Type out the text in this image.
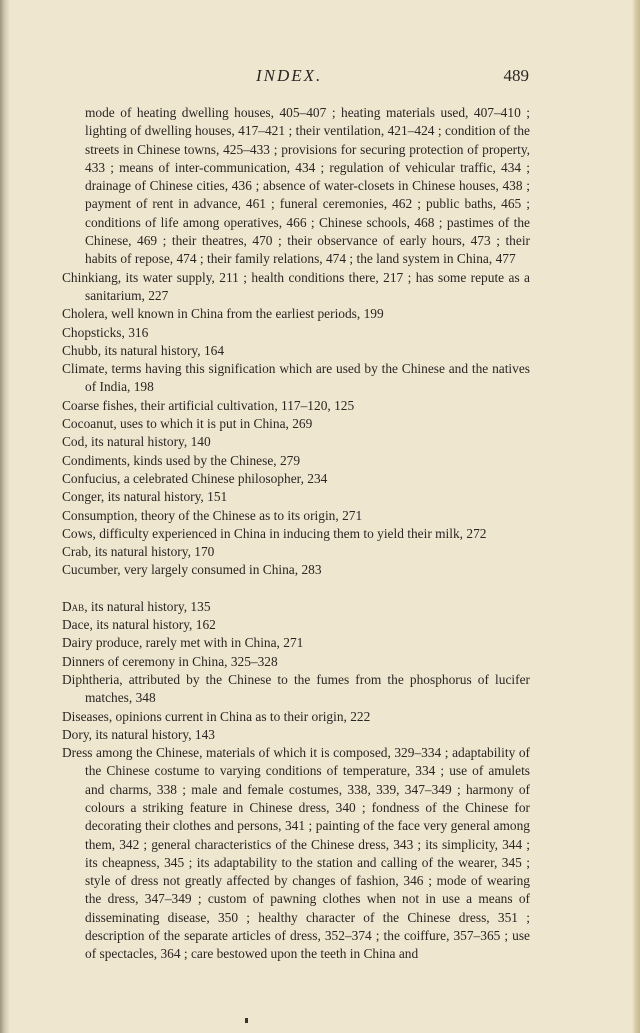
INDEX.	489

mode of heating dwelling houses, 405–407 ; heating materials used, 407–410 ; lighting of dwelling houses, 417–421 ; their ventilation, 421–424 ; condition of the streets in Chinese towns, 425–433 ; provisions for securing protection of property, 433 ; means of inter-communication, 434 ; regulation of vehicular traffic, 434 ; drainage of Chinese cities, 436 ; absence of water-closets in Chinese houses, 438 ; payment of rent in advance, 461 ; funeral ceremonies, 462 ; public baths, 465 ; conditions of life among operatives, 466 ; Chinese schools, 468 ; pastimes of the Chinese, 469 ; their theatres, 470 ; their observance of early hours, 473 ; their habits of repose, 474 ; their family relations, 474 ; the land system in China, 477

Chinkiang, its water supply, 211 ; health conditions there, 217 ; has some repute as a sanitarium, 227

Cholera, well known in China from the earliest periods, 199

Chopsticks, 316

Chubb, its natural history, 164

Climate, terms having this signification which are used by the Chinese and the natives of India, 198

Coarse fishes, their artificial cultivation, 117–120, 125

Cocoanut, uses to which it is put in China, 269

Cod, its natural history, 140

Condiments, kinds used by the Chinese, 279

Confucius, a celebrated Chinese philosopher, 234

Conger, its natural history, 151

Consumption, theory of the Chinese as to its origin, 271

Cows, difficulty experienced in China in inducing them to yield their milk, 272

Crab, its natural history, 170

Cucumber, very largely consumed in China, 283

Dab, its natural history, 135

Dace, its natural history, 162

Dairy produce, rarely met with in China, 271

Dinners of ceremony in China, 325–328

Diphtheria, attributed by the Chinese to the fumes from the phosphorus of lucifer matches, 348

Diseases, opinions current in China as to their origin, 222

Dory, its natural history, 143

Dress among the Chinese, materials of which it is composed, 329–334 ; adaptability of the Chinese costume to varying conditions of temperature, 334 ; use of amulets and charms, 338 ; male and female costumes, 338, 339, 347–349 ; harmony of colours a striking feature in Chinese dress, 340 ; fondness of the Chinese for decorating their clothes and persons, 341 ; painting of the face very general among them, 342 ; general characteristics of the Chinese dress, 343 ; its simplicity, 344 ; its cheapness, 345 ; its adaptability to the station and calling of the wearer, 345 ; style of dress not greatly affected by changes of fashion, 346 ; mode of wearing the dress, 347–349 ; custom of pawning clothes when not in use a means of disseminating disease, 350 ; healthy character of the Chinese dress, 351 ; description of the separate articles of dress, 352–374 ; the coiffure, 357–365 ; use of spectacles, 364 ; care bestowed upon the teeth in China and
